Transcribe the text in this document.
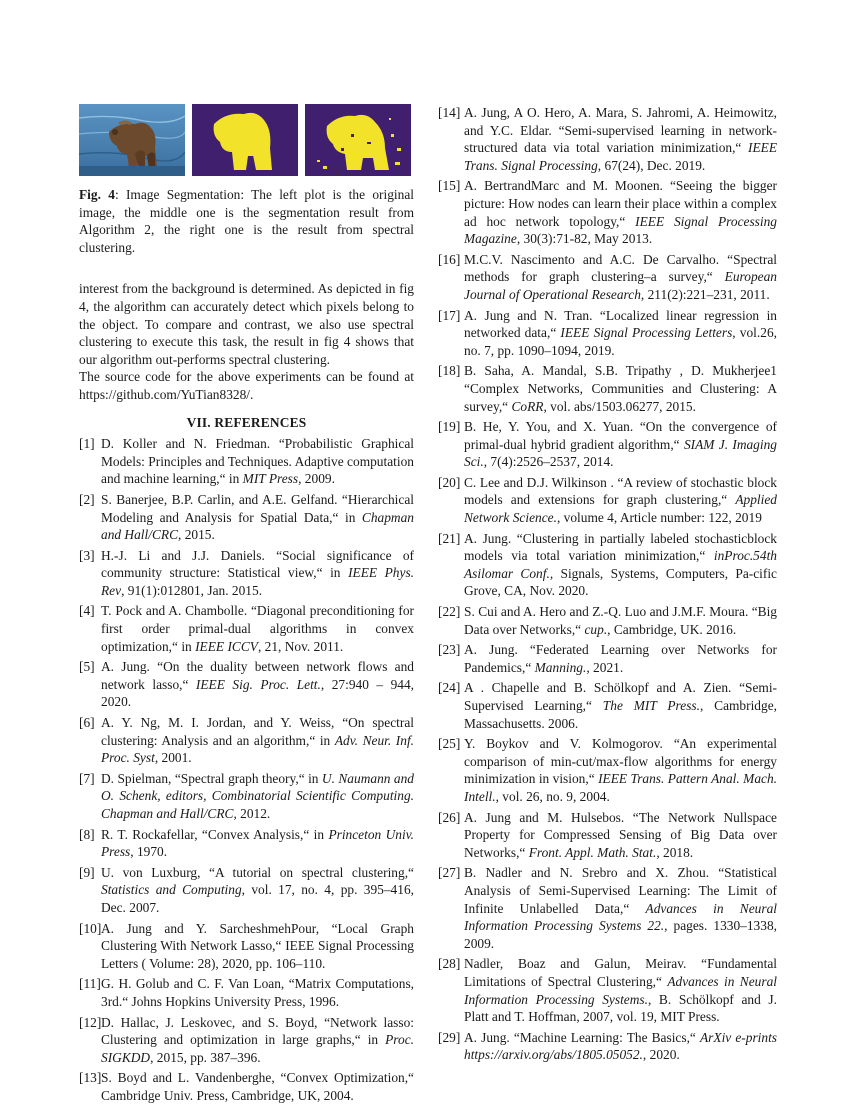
Fig. 4: Image Segmentation: The left plot is the original image, the middle one is the segmentation result from Algorithm 2, the right one is the result from spectral clustering.

interest from the background is determined. As depicted in fig 4, the algorithm can accurately detect which pixels belong to the object. To compare and contrast, we also use spectral clustering to execute this task, the result in fig 4 shows that our algorithm out-performs spectral clustering.

The source code for the above experiments can be found at https://github.com/YuTian8328/.

VII. REFERENCES
[1] D. Koller and N. Friedman. “Probabilistic Graphical Models: Principles and Techniques. Adaptive computation and machine learning,“ in MIT Press, 2009.
[2] S. Banerjee, B.P. Carlin, and A.E. Gelfand. “Hierarchical Modeling and Analysis for Spatial Data,“ in Chapman and Hall/CRC, 2015.
[3] H.-J. Li and J.J. Daniels. “Social significance of community structure: Statistical view,“ in IEEE Phys. Rev, 91(1):012801, Jan. 2015.
[4] T. Pock and A. Chambolle. “Diagonal preconditioning for first order primal-dual algorithms in convex optimization,“ in IEEE ICCV, 21, Nov. 2011.
[5] A. Jung. “On the duality between network flows and network lasso,“ IEEE Sig. Proc. Lett., 27:940 – 944, 2020.
[6] A. Y. Ng, M. I. Jordan, and Y. Weiss, “On spectral clustering: Analysis and an algorithm,“ in Adv. Neur. Inf. Proc. Syst, 2001.
[7] D. Spielman, “Spectral graph theory,“ in U. Naumann and O. Schenk, editors, Combinatorial Scientific Computing. Chapman and Hall/CRC, 2012.
[8] R. T. Rockafellar, “Convex Analysis,“ in Princeton Univ. Press, 1970.
[9] U. von Luxburg, “A tutorial on spectral clustering,“ Statistics and Computing, vol. 17, no. 4, pp. 395–416, Dec. 2007.
[10] A. Jung and Y. SarcheshmehPour, “Local Graph Clustering With Network Lasso,“ IEEE Signal Processing Letters ( Volume: 28), 2020, pp. 106–110.
[11] G. H. Golub and C. F. Van Loan, “Matrix Computations, 3rd.“ Johns Hopkins University Press, 1996.
[12] D. Hallac, J. Leskovec, and S. Boyd, “Network lasso: Clustering and optimization in large graphs,“ in Proc. SIGKDD, 2015, pp. 387–396.
[13] S. Boyd and L. Vandenberghe, “Convex Optimization,“ Cambridge Univ. Press, Cambridge, UK, 2004.
[14] A. Jung, A O. Hero, A. Mara, S. Jahromi, A. Heimowitz, and Y.C. Eldar. “Semi-supervised learning in network-structured data via total variation minimization,“ IEEE Trans. Signal Processing, 67(24), Dec. 2019.
[15] A. BertrandMarc and M. Moonen. “Seeing the bigger picture: How nodes can learn their place within a complex ad hoc network topology,“ IEEE Signal Processing Magazine, 30(3):71-82, May 2013.
[16] M.C.V. Nascimento and A.C. De Carvalho. “Spectral methods for graph clustering–a survey,“ European Journal of Operational Research, 211(2):221–231, 2011.
[17] A. Jung and N. Tran. “Localized linear regression in networked data,“ IEEE Signal Processing Letters, vol.26, no. 7, pp. 1090–1094, 2019.
[18] B. Saha, A. Mandal, S.B. Tripathy , D. Mukherjee1 “Complex Networks, Communities and Clustering: A survey,“ CoRR, vol. abs/1503.06277, 2015.
[19] B. He, Y. You, and X. Yuan. “On the convergence of primal-dual hybrid gradient algorithm,“ SIAM J. Imaging Sci., 7(4):2526–2537, 2014.
[20] C. Lee and D.J. Wilkinson . “A review of stochastic block models and extensions for graph clustering,“ Applied Network Science., volume 4, Article number: 122, 2019
[21] A. Jung. “Clustering in partially labeled stochasticblock models via total variation minimization,“ inProc.54th Asilomar Conf., Signals, Systems, Computers, Pa-cific Grove, CA, Nov. 2020.
[22] S. Cui and A. Hero and Z.-Q. Luo and J.M.F. Moura. “Big Data over Networks,“ cup., Cambridge, UK. 2016.
[23] A. Jung. “Federated Learning over Networks for Pandemics,“ Manning., 2021.
[24] A . Chapelle and B. Schölkopf and A. Zien. “Semi-Supervised Learning,“ The MIT Press., Cambridge, Massachusetts. 2006.
[25] Y. Boykov and V. Kolmogorov. “An experimental comparison of min-cut/max-flow algorithms for energy minimization in vision,“ IEEE Trans. Pattern Anal. Mach. Intell., vol. 26, no. 9, 2004.
[26] A. Jung and M. Hulsebos. “The Network Nullspace Property for Compressed Sensing of Big Data over Networks,“ Front. Appl. Math. Stat., 2018.
[27] B. Nadler and N. Srebro and X. Zhou. “Statistical Analysis of Semi-Supervised Learning: The Limit of Infinite Unlabelled Data,“ Advances in Neural Information Processing Systems 22., pages. 1330–1338, 2009.
[28] Nadler, Boaz and Galun, Meirav. “Fundamental Limitations of Spectral Clustering,“ Advances in Neural Information Processing Systems., B. Schölkopf and J. Platt and T. Hoffman, 2007, vol. 19, MIT Press.
[29] A. Jung. “Machine Learning: The Basics,“ ArXiv e-prints https://arxiv.org/abs/1805.05052., 2020.
